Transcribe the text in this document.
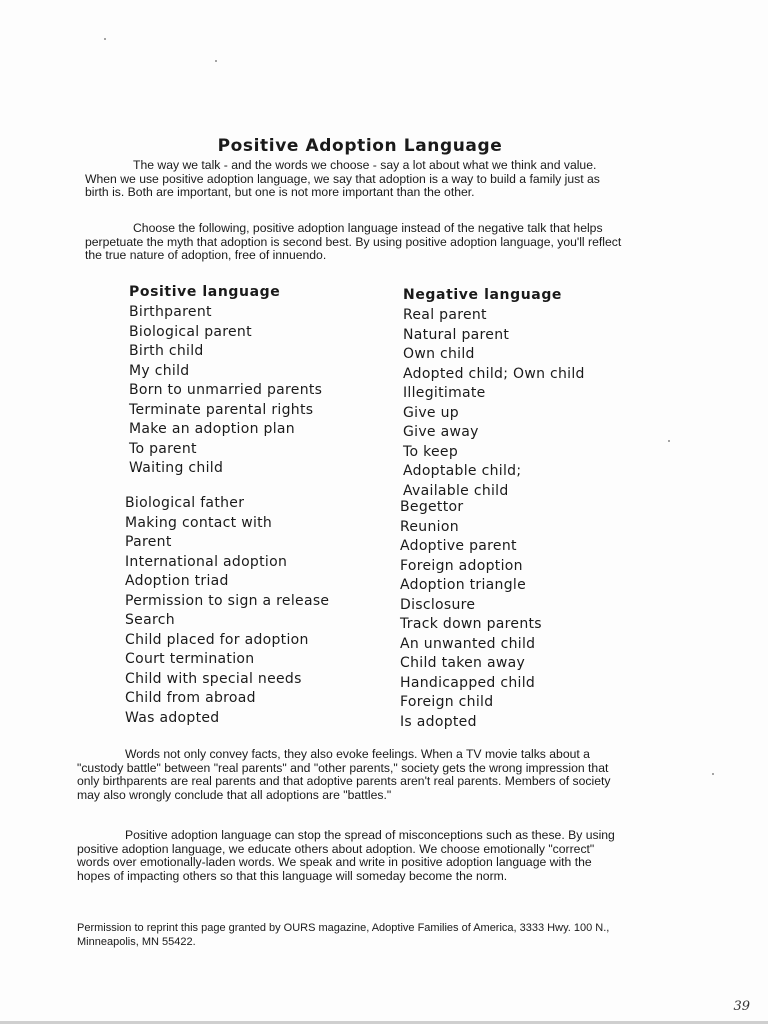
Positive Adoption Language

The way we talk - and the words we choose - say a lot about what we think and value. When we use positive adoption language, we say that adoption is a way to build a family just as birth is. Both are important, but one is not more important than the other.

Choose the following, positive adoption language instead of the negative talk that helps perpetuate the myth that adoption is second best. By using positive adoption language, you'll reflect the true nature of adoption, free of innuendo.

Positive language
Birthparent
Biological parent
Birth child
My child
Born to unmarried parents
Terminate parental rights
Make an adoption plan
To parent
Waiting child
Negative language
Real parent
Natural parent
Own child
Adopted child; Own child
Illegitimate
Give up
Give away
To keep
Adoptable child;
Available child
Biological father
Making contact with
Parent
International adoption
Adoption triad
Permission to sign a release
Search
Child placed for adoption
Court termination
Child with special needs
Child from abroad
Was adopted
Begettor
Reunion
Adoptive parent
Foreign adoption
Adoption triangle
Disclosure
Track down parents
An unwanted child
Child taken away
Handicapped child
Foreign child
Is adopted

Words not only convey facts, they also evoke feelings. When a TV movie talks about a "custody battle" between "real parents" and "other parents," society gets the wrong impression that only birthparents are real parents and that adoptive parents aren't real parents. Members of society may also wrongly conclude that all adoptions are "battles."

Positive adoption language can stop the spread of misconceptions such as these. By using positive adoption language, we educate others about adoption. We choose emotionally "correct" words over emotionally-laden words. We speak and write in positive adoption language with the hopes of impacting others so that this language will someday become the norm.

Permission to reprint this page granted by OURS magazine, Adoptive Families of America, 3333 Hwy. 100 N., Minneapolis, MN 55422.

39
